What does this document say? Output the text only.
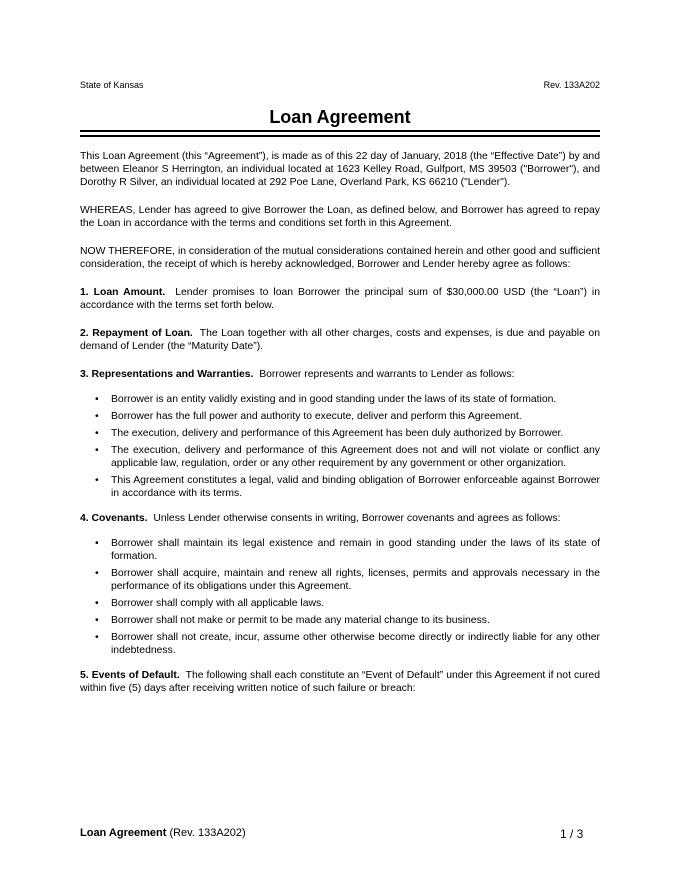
State of Kansas	Rev. 133A202
Loan Agreement

This Loan Agreement (this “Agreement”), is made as of this 22 day of January, 2018 (the “Effective Date”) by and between Eleanor S Herrington, an individual located at 1623 Kelley Road, Gulfport, MS 39503 ("Borrower"), and Dorothy R Silver, an individual located at 292 Poe Lane, Overland Park, KS 66210 ("Lender").

WHEREAS, Lender has agreed to give Borrower the Loan, as defined below, and Borrower has agreed to repay the Loan in accordance with the terms and conditions set forth in this Agreement.

NOW THEREFORE, in consideration of the mutual considerations contained herein and other good and sufficient consideration, the receipt of which is hereby acknowledged, Borrower and Lender hereby agree as follows:

1. Loan Amount. Lender promises to loan Borrower the principal sum of $30,000.00 USD (the “Loan”) in accordance with the terms set forth below.

2. Repayment of Loan. The Loan together with all other charges, costs and expenses, is due and payable on demand of Lender (the “Maturity Date”).

3. Representations and Warranties. Borrower represents and warrants to Lender as follows:

• Borrower is an entity validly existing and in good standing under the laws of its state of formation.
• Borrower has the full power and authority to execute, deliver and perform this Agreement.
• The execution, delivery and performance of this Agreement has been duly authorized by Borrower.
• The execution, delivery and performance of this Agreement does not and will not violate or conflict any applicable law, regulation, order or any other requirement by any government or other organization.
• This Agreement constitutes a legal, valid and binding obligation of Borrower enforceable against Borrower in accordance with its terms.

4. Covenants. Unless Lender otherwise consents in writing, Borrower covenants and agrees as follows:

• Borrower shall maintain its legal existence and remain in good standing under the laws of its state of formation.
• Borrower shall acquire, maintain and renew all rights, licenses, permits and approvals necessary in the performance of its obligations under this Agreement.
• Borrower shall comply with all applicable laws.
• Borrower shall not make or permit to be made any material change to its business.
• Borrower shall not create, incur, assume other otherwise become directly or indirectly liable for any other indebtedness.

5. Events of Default. The following shall each constitute an “Event of Default” under this Agreement if not cured within five (5) days after receiving written notice of such failure or breach:

Loan Agreement (Rev. 133A202)	1 / 3
